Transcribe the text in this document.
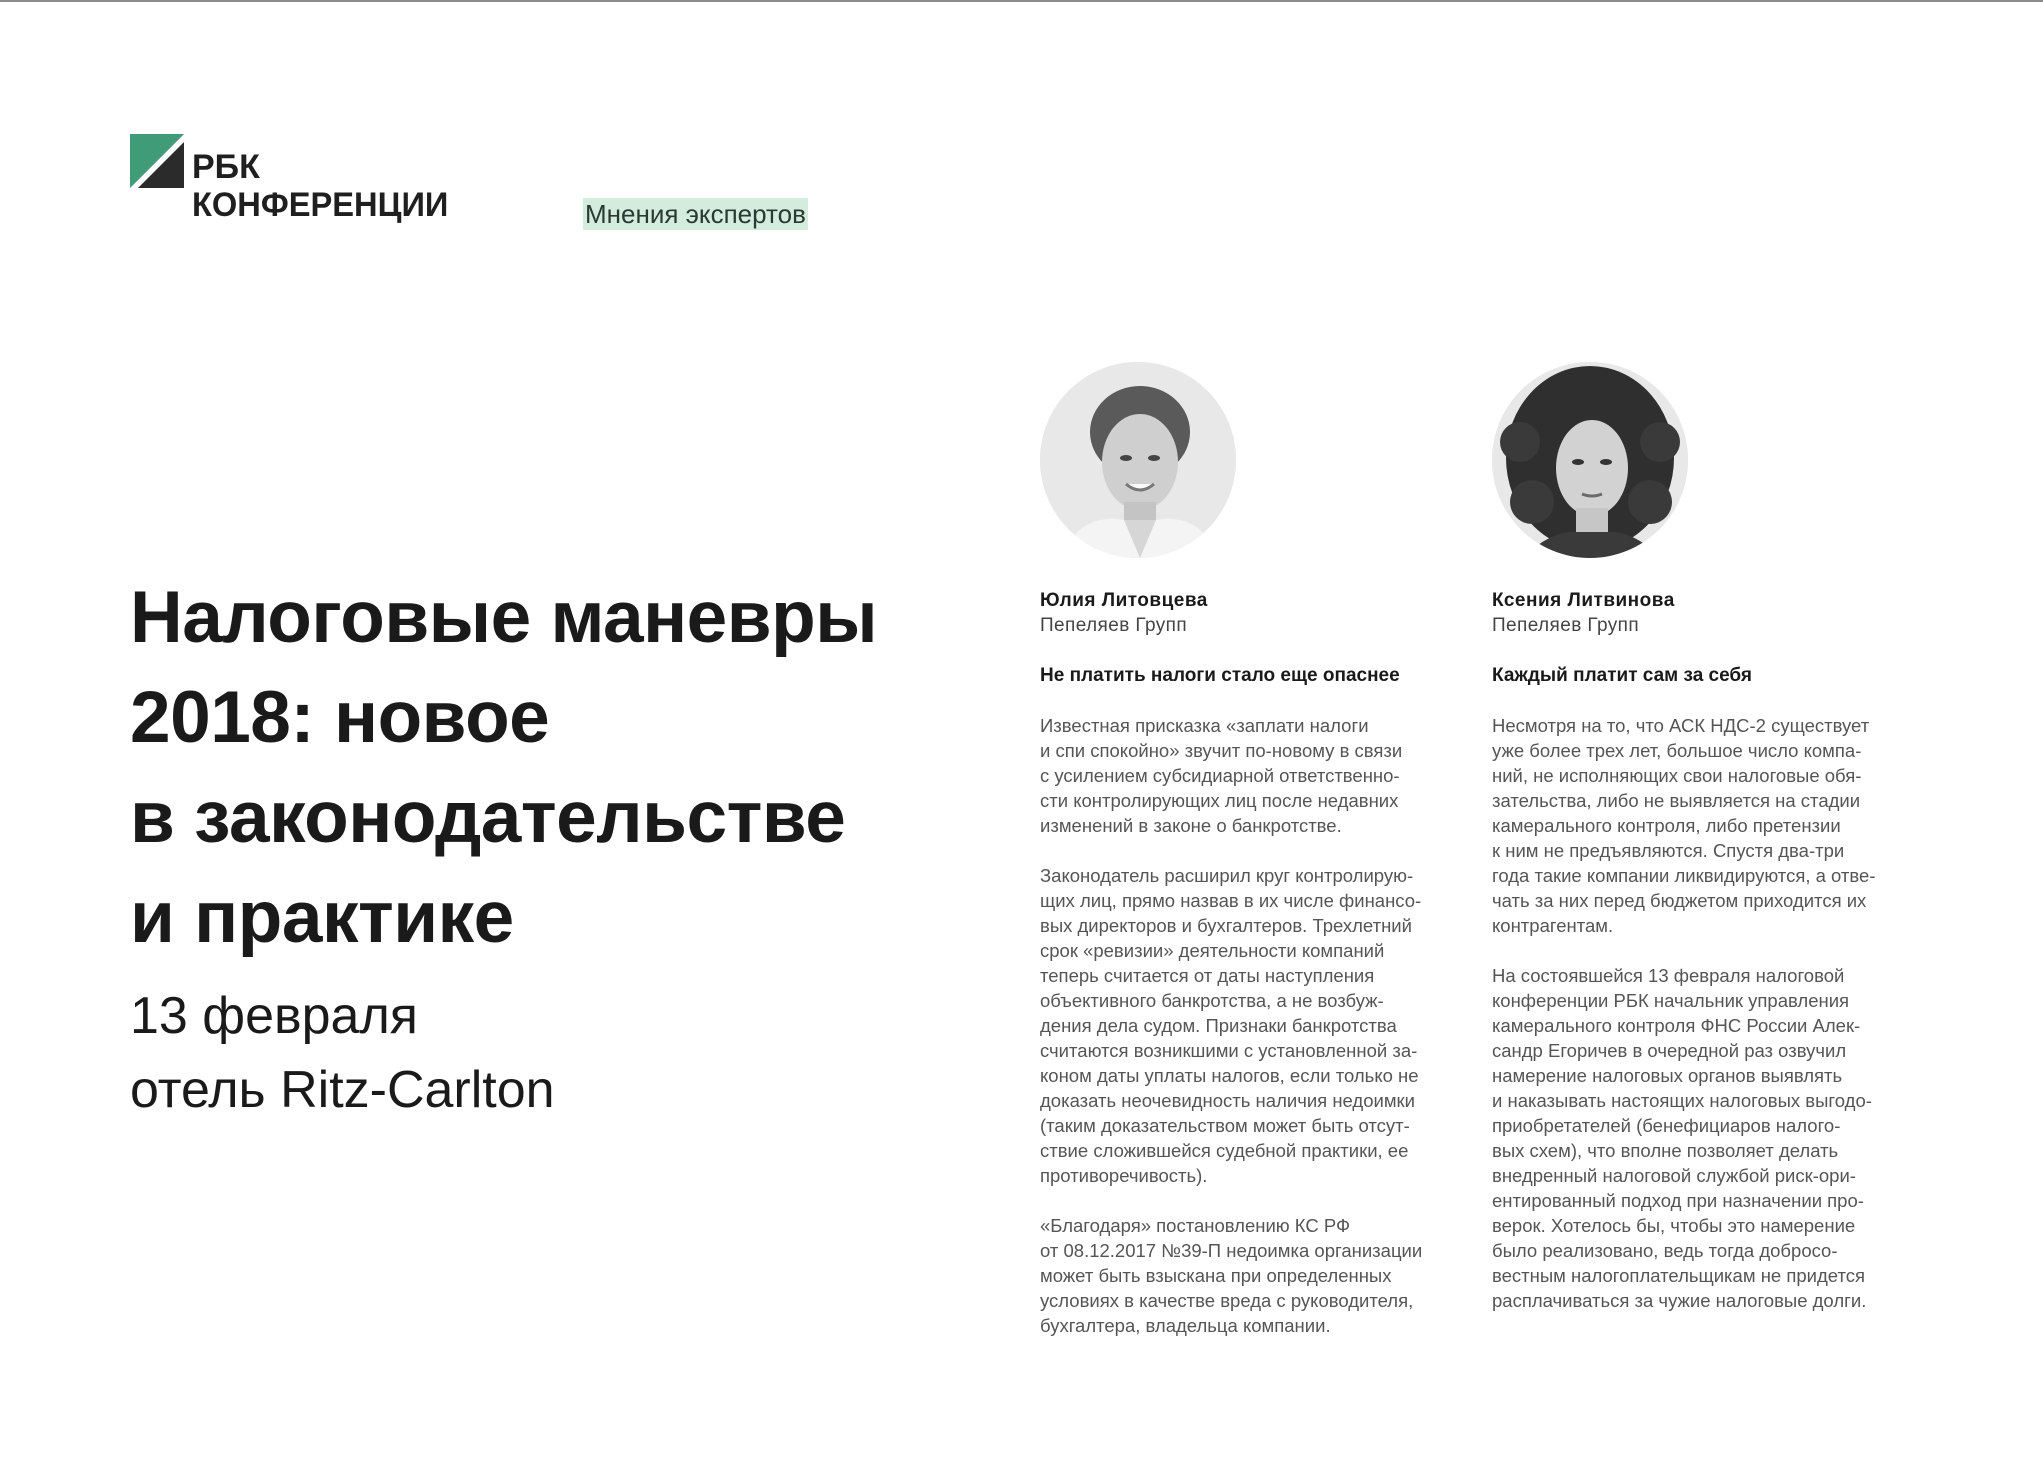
РБК
КОНФЕРЕНЦИИ	Мнения экспертов
Налоговые маневры
2018: новое
в законодательстве
и практике
13 февраля
отель Ritz-Carlton
Юлия Литовцева
Пепеляев Групп
Не платить налоги стало еще опаснее
Известная присказка «заплати налоги
и спи спокойно» звучит по-новому в связи
с усилением субсидиарной ответственно-
сти контролирующих лиц после недавних
изменений в законе о банкротстве.
Законодатель расширил круг контролирую-
щих лиц, прямо назвав в их числе финансо-
вых директоров и бухгалтеров. Трехлетний
срок «ревизии» деятельности компаний
теперь считается от даты наступления
объективного банкротства, а не возбуж-
дения дела судом. Признаки банкротства
считаются возникшими с установленной за-
коном даты уплаты налогов, если только не
доказать неочевидность наличия недоимки
(таким доказательством может быть отсут-
ствие сложившейся судебной практики, ее
противоречивость).
«Благодаря» постановлению КС РФ
от 08.12.2017 №39-П недоимка организации
может быть взыскана при определенных
условиях в качестве вреда с руководителя,
бухгалтера, владельца компании.
Ксения Литвинова
Пепеляев Групп
Каждый платит сам за себя
Несмотря на то, что АСК НДС-2 существует
уже более трех лет, большое число компа-
ний, не исполняющих свои налоговые обя-
зательства, либо не выявляется на стадии
камерального контроля, либо претензии
к ним не предъявляются. Спустя два-три
года такие компании ликвидируются, а отве-
чать за них перед бюджетом приходится их
контрагентам.
На состоявшейся 13 февраля налоговой
конференции РБК начальник управления
камерального контроля ФНС России Алек-
сандр Егоричев в очередной раз озвучил
намерение налоговых органов выявлять
и наказывать настоящих налоговых выгодо-
приобретателей (бенефициаров налого-
вых схем), что вполне позволяет делать
внедренный налоговой службой риск-ори-
ентированный подход при назначении про-
верок. Хотелось бы, чтобы это намерение
было реализовано, ведь тогда добросо-
вестным налогоплательщикам не придется
расплачиваться за чужие налоговые долги.
